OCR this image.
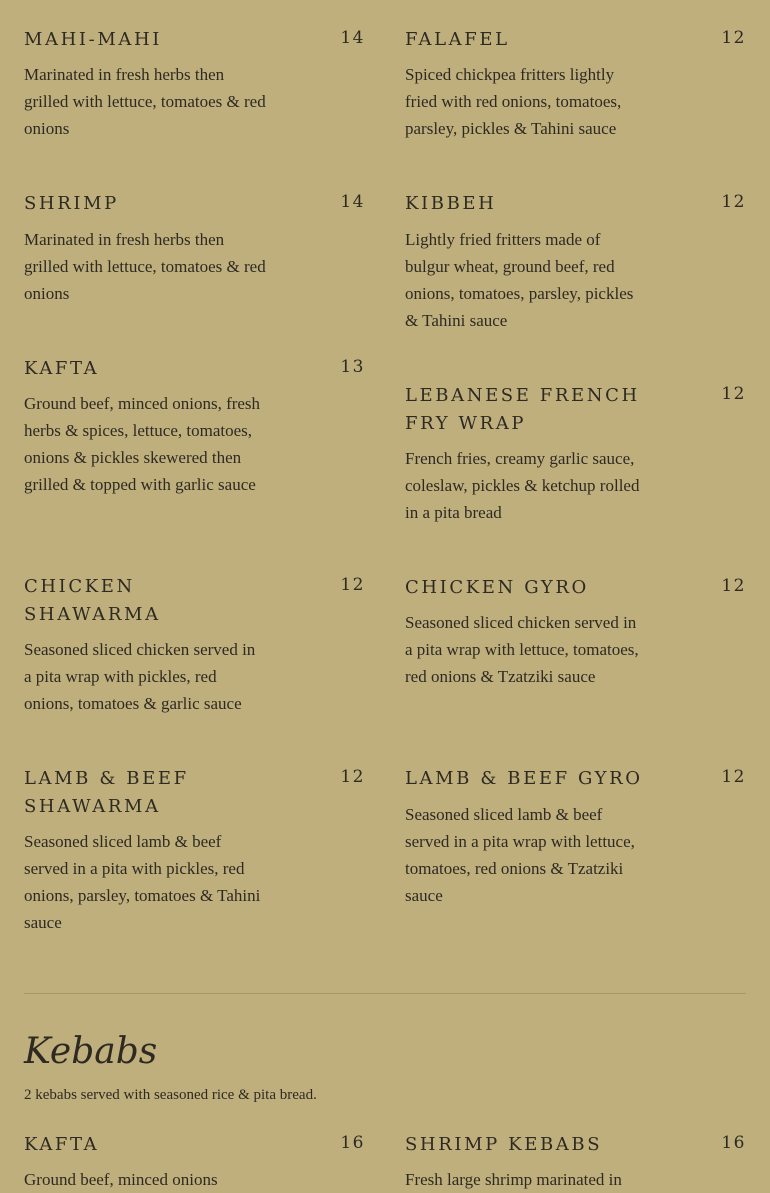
MAHI-MAHI	14

Marinated in fresh herbs then grilled with lettuce, tomatoes & red onions

SHRIMP	14

Marinated in fresh herbs then grilled with lettuce, tomatoes & red onions

KAFTA	13

Ground beef, minced onions, fresh herbs & spices, lettuce, tomatoes, onions & pickles skewered then grilled & topped with garlic sauce

CHICKEN SHAWARMA
12

Seasoned sliced chicken served in a pita wrap with pickles, red onions, tomatoes & garlic sauce

LAMB & BEEF SHAWARMA
12

Seasoned sliced lamb & beef served in a pita with pickles, red onions, parsley, tomatoes & Tahini sauce

FALAFEL	12

Spiced chickpea fritters lightly fried with red onions, tomatoes, parsley, pickles & Tahini sauce

KIBBEH	12

Lightly fried fritters made of bulgur wheat, ground beef, red onions, tomatoes, parsley, pickles & Tahini sauce

LEBANESE FRENCH FRY WRAP
12

French fries, creamy garlic sauce, coleslaw, pickles & ketchup rolled in a pita bread

CHICKEN GYRO	12

Seasoned sliced chicken served in a pita wrap with lettuce, tomatoes, red onions & Tzatziki sauce

LAMB & BEEF GYRO	12

Seasoned sliced lamb & beef served in a pita wrap with lettuce, tomatoes, red onions & Tzatziki sauce

Kebabs

2 kebabs served with seasoned rice & pita bread.

KAFTA	16

Ground beef, minced onions

SHRIMP KEBABS	16

Fresh large shrimp marinated in
